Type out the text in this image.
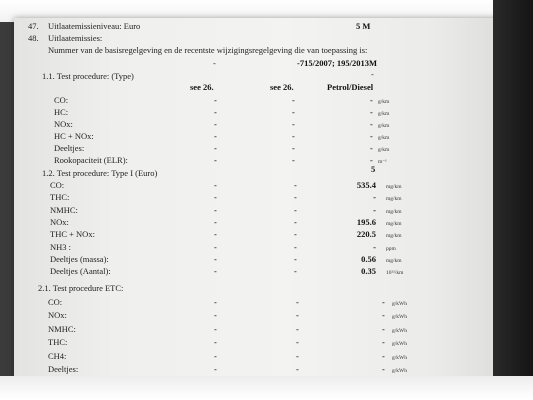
47. Uitlaatemissieniveau: Euro	5 M
48. Uitlaatemissies:
Nummer van de basisregelgeving en de recentste wijzigingsregelgeving die van toepassing is:
-	-715/2007; 195/2013M
-
1.1. Test procedure: (Type)
see 26.	see 26.	Petrol/Diesel
CO:	-	-	- g/km
HC:	-	-	- g/km
NOx:	-	-	- g/km
HC + NOx:	-	-	- g/km
Deeltjes:	-	-	- g/km
Rookopaciteit (ELR):	-	-	- m⁻¹
1.2. Test procedure: Type I (Euro)	5
CO:	-	-	535.4 mg/km
THC:	-	-	- mg/km
NMHC:	-	-	- mg/km
NOx:	-	-	195.6 mg/km
THC + NOx:	-	-	220.5 mg/km
NH3 :	-	-	- ppm
Deeltjes (massa):	-	-	0.56 mg/km
Deeltjes (Aantal):	-	-	0.35 10¹²/km
2.1. Test procedure ETC:
CO:	-	-	- g/kWh
NOx:	-	-	- g/kWh
NMHC:	-	-	- g/kWh
THC:	-	-	- g/kWh
CH4:	-	-	- g/kWh
Deeltjes:	-	-	- g/kWh
